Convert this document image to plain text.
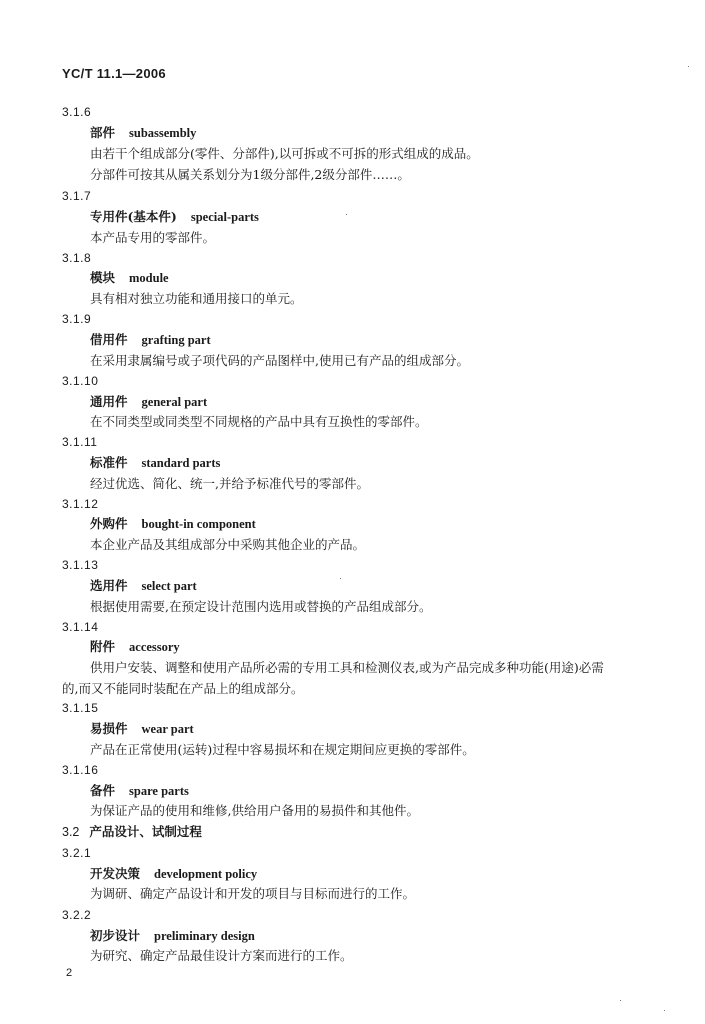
YC/T 11.1—2006
3.1.6
部件 subassembly
由若干个组成部分(零件、分部件),以可拆或不可拆的形式组成的成品。
分部件可按其从属关系划分为1级分部件,2级分部件……。
3.1.7
专用件(基本件) special-parts
本产品专用的零部件。
3.1.8
模块 module
具有相对独立功能和通用接口的单元。
3.1.9
借用件 grafting part
在采用隶属编号或子项代码的产品图样中,使用已有产品的组成部分。
3.1.10
通用件 general part
在不同类型或同类型不同规格的产品中具有互换性的零部件。
3.1.11
标准件 standard parts
经过优选、简化、统一,并给予标准代号的零部件。
3.1.12
外购件 bought-in component
本企业产品及其组成部分中采购其他企业的产品。
3.1.13
选用件 select part
根据使用需要,在预定设计范围内选用或替换的产品组成部分。
3.1.14
附件 accessory
供用户安装、调整和使用产品所必需的专用工具和检测仪表,或为产品完成多种功能(用途)必需
的,而又不能同时装配在产品上的组成部分。
3.1.15
易损件 wear part
产品在正常使用(运转)过程中容易损坏和在规定期间应更换的零部件。
3.1.16
备件 spare parts
为保证产品的使用和维修,供给用户备用的易损件和其他件。
3.2 产品设计、试制过程
3.2.1
开发决策 development policy
为调研、确定产品设计和开发的项目与目标而进行的工作。
3.2.2
初步设计 preliminary design
为研究、确定产品最佳设计方案而进行的工作。
2
